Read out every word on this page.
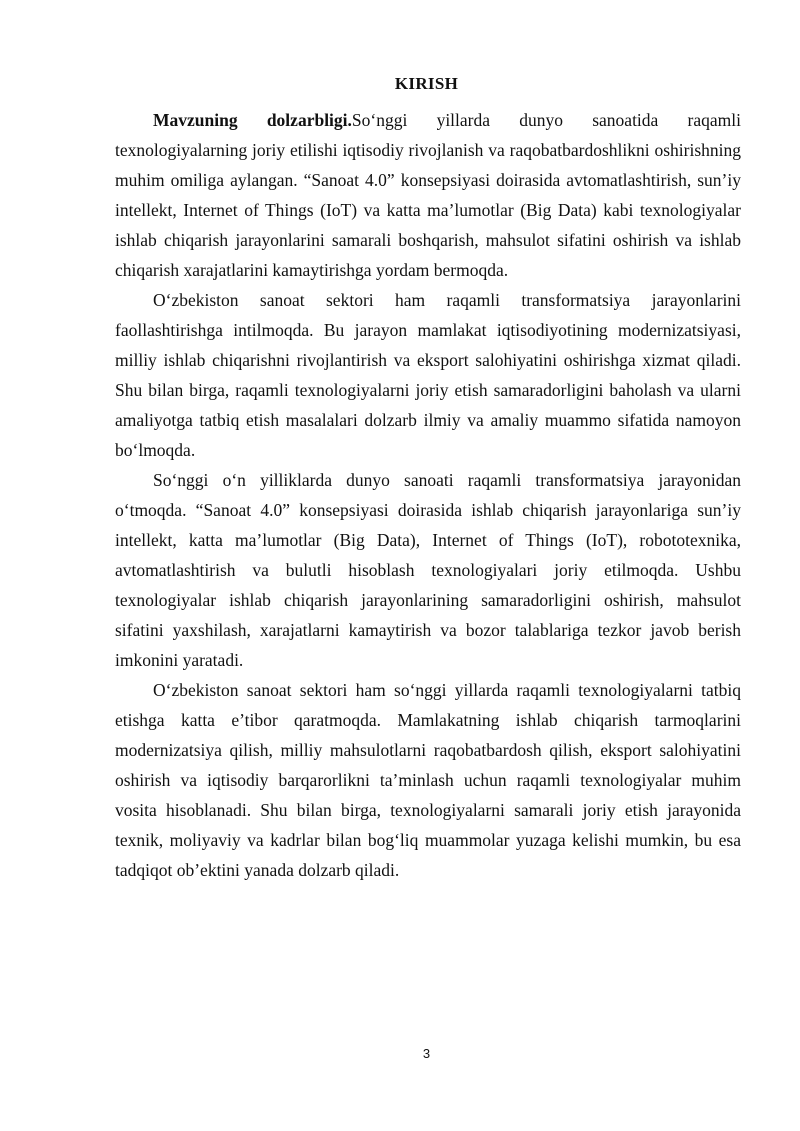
KIRISH

Mavzuning dolzarbligi.So‘nggi yillarda dunyo sanoatida raqamli texnologiyalarning joriy etilishi iqtisodiy rivojlanish va raqobatbardoshlikni oshirishning muhim omiliga aylangan. “Sanoat 4.0” konsepsiyasi doirasida avtomatlashtirish, sun’iy intellekt, Internet of Things (IoT) va katta ma’lumotlar (Big Data) kabi texnologiyalar ishlab chiqarish jarayonlarini samarali boshqarish, mahsulot sifatini oshirish va ishlab chiqarish xarajatlarini kamaytirishga yordam bermoqda.

O‘zbekiston sanoat sektori ham raqamli transformatsiya jarayonlarini faollashtirishga intilmoqda. Bu jarayon mamlakat iqtisodiyotining modernizatsiyasi, milliy ishlab chiqarishni rivojlantirish va eksport salohiyatini oshirishga xizmat qiladi. Shu bilan birga, raqamli texnologiyalarni joriy etish samaradorligini baholash va ularni amaliyotga tatbiq etish masalalari dolzarb ilmiy va amaliy muammo sifatida namoyon bo‘lmoqda.

So‘nggi o‘n yilliklarda dunyo sanoati raqamli transformatsiya jarayonidan o‘tmoqda. “Sanoat 4.0” konsepsiyasi doirasida ishlab chiqarish jarayonlariga sun’iy intellekt, katta ma’lumotlar (Big Data), Internet of Things (IoT), robototexnika, avtomatlashtirish va bulutli hisoblash texnologiyalari joriy etilmoqda. Ushbu texnologiyalar ishlab chiqarish jarayonlarining samaradorligini oshirish, mahsulot sifatini yaxshilash, xarajatlarni kamaytirish va bozor talablariga tezkor javob berish imkonini yaratadi.

O‘zbekiston sanoat sektori ham so‘nggi yillarda raqamli texnologiyalarni tatbiq etishga katta e’tibor qaratmoqda. Mamlakatning ishlab chiqarish tarmoqlarini modernizatsiya qilish, milliy mahsulotlarni raqobatbardosh qilish, eksport salohiyatini oshirish va iqtisodiy barqarorlikni ta’minlash uchun raqamli texnologiyalar muhim vosita hisoblanadi. Shu bilan birga, texnologiyalarni samarali joriy etish jarayonida texnik, moliyaviy va kadrlar bilan bog‘liq muammolar yuzaga kelishi mumkin, bu esa tadqiqot ob’ektini yanada dolzarb qiladi.

3
